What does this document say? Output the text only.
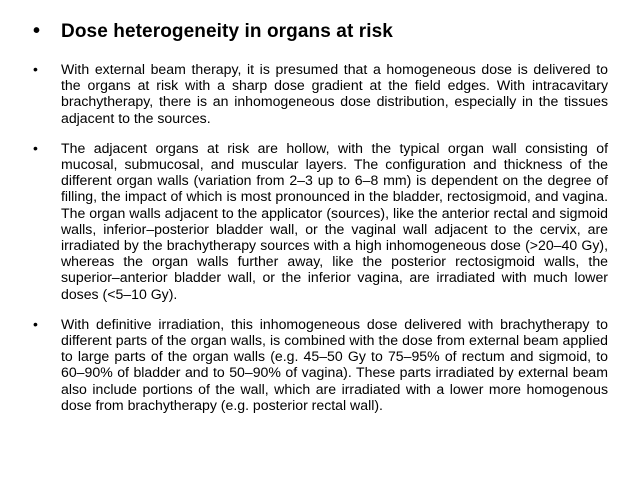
•	Dose heterogeneity in organs at risk
•	With external beam therapy, it is presumed that a homogeneous dose is delivered to the organs at risk with a sharp dose gradient at the field edges. With intracavitary brachytherapy, there is an inhomogeneous dose distribution, especially in the tissues adjacent to the sources.
•	The adjacent organs at risk are hollow, with the typical organ wall consisting of mucosal, submucosal, and muscular layers. The configuration and thickness of the different organ walls (variation from 2–3 up to 6–8 mm) is dependent on the degree of filling, the impact of which is most pronounced in the bladder, rectosigmoid, and vagina. The organ walls adjacent to the applicator (sources), like the anterior rectal and sigmoid walls, inferior–posterior bladder wall, or the vaginal wall adjacent to the cervix, are irradiated by the brachytherapy sources with a high inhomogeneous dose (>20–40 Gy), whereas the organ walls further away, like the posterior rectosigmoid walls, the superior–anterior bladder wall, or the inferior vagina, are irradiated with much lower doses (<5–10 Gy).
•	With definitive irradiation, this inhomogeneous dose delivered with brachytherapy to different parts of the organ walls, is combined with the dose from external beam applied to large parts of the organ walls (e.g. 45–50 Gy to 75–95% of rectum and sigmoid, to 60–90% of bladder and to 50–90% of vagina). These parts irradiated by external beam also include portions of the wall, which are irradiated with a lower more homogenous dose from brachytherapy (e.g. posterior rectal wall).
